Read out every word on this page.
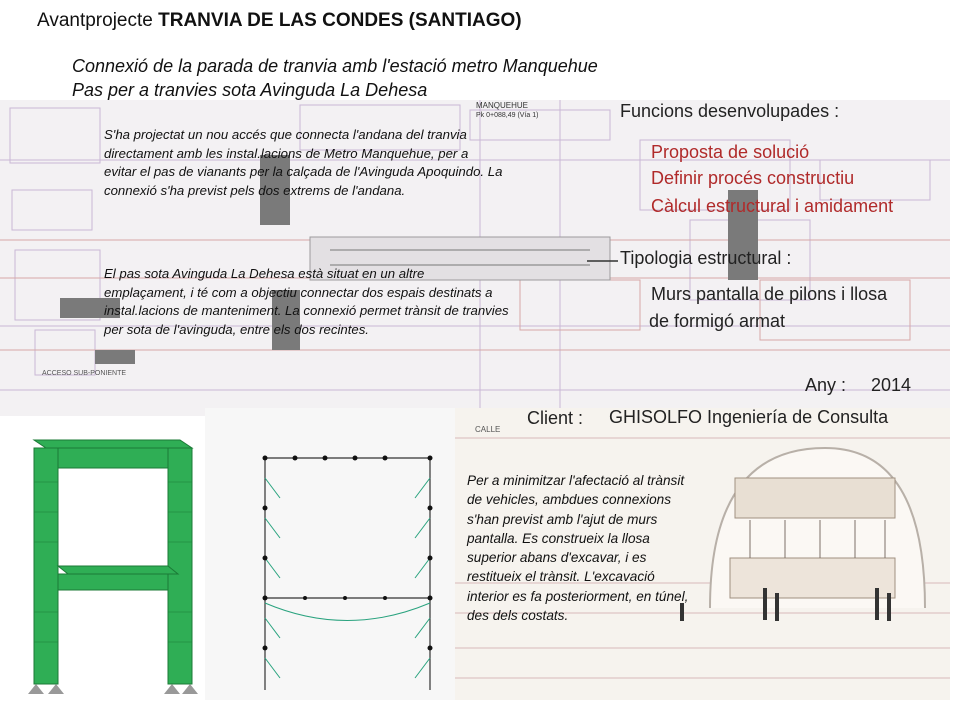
Avantprojecte TRANVIA DE LAS CONDES (SANTIAGO)
Connexió de la parada de tranvia amb l'estació metro Manquehue
MANQUEHUE
Pk 0+088,49 (Vía 1)
ACCESO SUB-PONIENTE
Pas per a tranvies sota Avinguda La Dehesa
CALLE
S'ha projectat un nou accés que connecta l'andana del tranvia directament amb les instal.lacions de Metro Manquehue, per a evitar el pas de vianants per la calçada de l'Avinguda Apoquindo. La connexió s'ha previst pels dos extrems de l'andana.
El pas sota Avinguda La Dehesa està situat en un altre emplaçament, i té com a objectiu connectar dos espais destinats a instal.lacions de manteniment. La connexió permet trànsit de tranvies per sota de l'avinguda, entre els dos recintes.
Per a minimitzar l'afectació al trànsit de vehicles, ambdues connexions s'han previst amb l'ajut de murs pantalla. Es construeix la llosa superior abans d'excavar, i es restitueix el trànsit. L'excavació interior es fa posteriorment, en túnel, des dels costats.
Funcions desenvolupades :
Proposta de solució
Definir procés constructiu
Càlcul estructural i amidament
Tipologia estructural :
Murs pantalla de pilons i llosa
de formigó armat
Any : 2014
Client : GHISOLFO Ingeniería de Consulta
